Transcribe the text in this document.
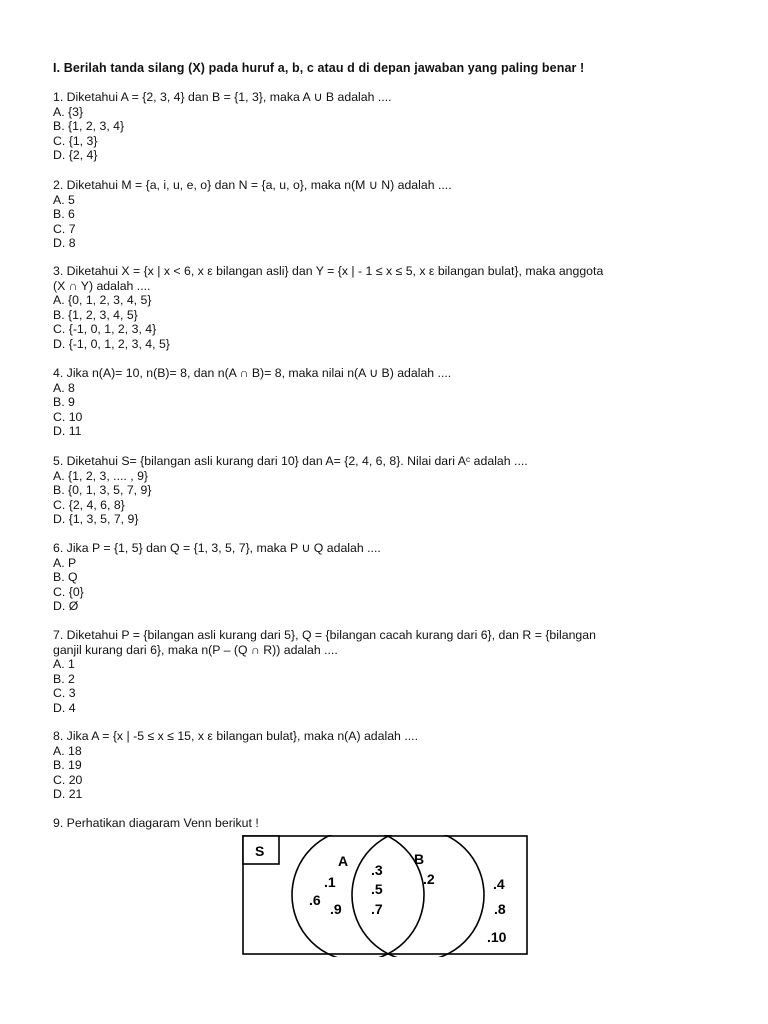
I. Berilah tanda silang (X) pada huruf a, b, c atau d di depan jawaban yang paling benar !

1. Diketahui A = {2, 3, 4} dan B = {1, 3}, maka A ∪ B adalah ....

A. {3}

B. {1, 2, 3, 4}

C. {1, 3}

D. {2, 4}

2. Diketahui M = {a, i, u, e, o} dan N = {a, u, o}, maka n(M ∪ N) adalah ....

A. 5

B. 6

C. 7

D. 8

3. Diketahui X = {x | x < 6, x ε bilangan asli} dan Y = {x | - 1 ≤ x ≤ 5, x ε bilangan bulat}, maka anggota

(X ∩ Y) adalah ....

A. {0, 1, 2, 3, 4, 5}

B. {1, 2, 3, 4, 5}

C. {-1, 0, 1, 2, 3, 4}

D. {-1, 0, 1, 2, 3, 4, 5}

4. Jika n(A)= 10, n(B)= 8, dan n(A ∩ B)= 8, maka nilai n(A ∪ B) adalah ....

A. 8

B. 9

C. 10

D. 11

5. Diketahui S= {bilangan asli kurang dari 10} dan A= {2, 4, 6, 8}. Nilai dari Aᶜ adalah ....

A. {1, 2, 3, .... , 9}

B. {0, 1, 3, 5, 7, 9}

C. {2, 4, 6, 8}

D. {1, 3, 5, 7, 9}

6. Jika P = {1, 5} dan Q = {1, 3, 5, 7}, maka P ∪ Q adalah ....

A. P

B. Q

C. {0}

D. Ø

7. Diketahui P = {bilangan asli kurang dari 5}, Q = {bilangan cacah kurang dari 6}, dan R = {bilangan

ganjil kurang dari 6}, maka n(P – (Q ∩ R)) adalah ....

A. 1

B. 2

C. 3

D. 4

8. Jika A = {x | -5 ≤ x ≤ 15, x ε bilangan bulat}, maka n(A) adalah ....

A. 18

B. 19

C. 20

D. 21

9. Perhatikan diagaram Venn berikut !

S
A	B
.1
.6
.9
.3
.5
.7
.2	.4
.8
.10
